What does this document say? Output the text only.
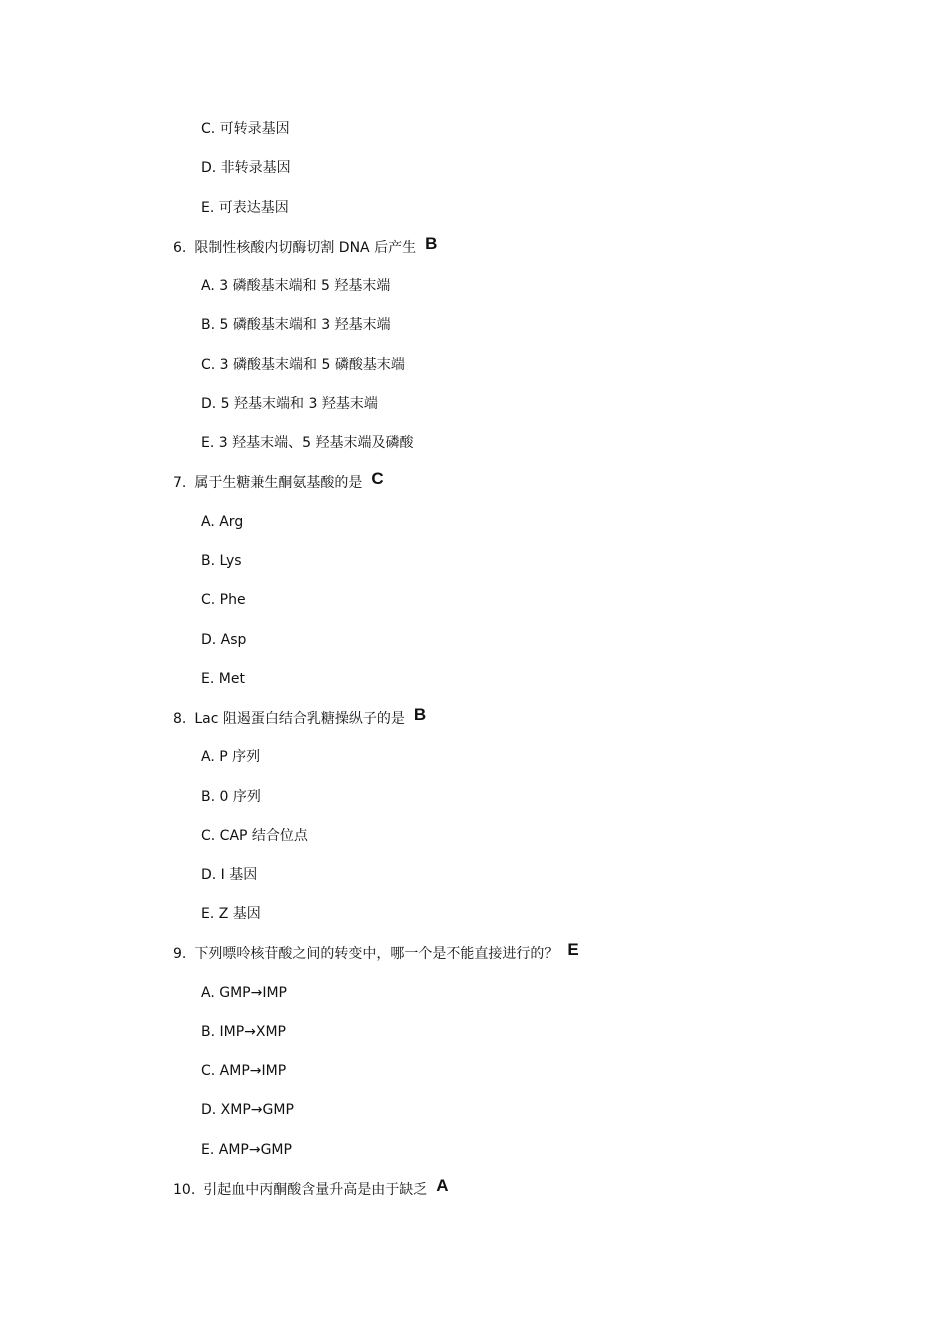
C. 可转录基因
D. 非转录基因
E. 可表达基因
6. 限制性核酸内切酶切割 DNA 后产生 B
A. 3 磷酸基末端和 5 羟基末端
B. 5 磷酸基末端和 3 羟基末端
C. 3 磷酸基末端和 5 磷酸基末端
D. 5 羟基末端和 3 羟基末端
E. 3 羟基末端、5 羟基末端及磷酸
7. 属于生糖兼生酮氨基酸的是 C
A. Arg
B. Lys
C. Phe
D. Asp
E. Met
8. Lac 阻遏蛋白结合乳糖操纵子的是 B
A. P 序列
B. 0 序列
C. CAP 结合位点
D. I 基因
E. Z 基因
9. 下列嘌呤核苷酸之间的转变中，哪一个是不能直接进行的？ E
A. GMP→IMP
B. IMP→XMP
C. AMP→IMP
D. XMP→GMP
E. AMP→GMP
10. 引起血中丙酮酸含量升高是由于缺乏 A
